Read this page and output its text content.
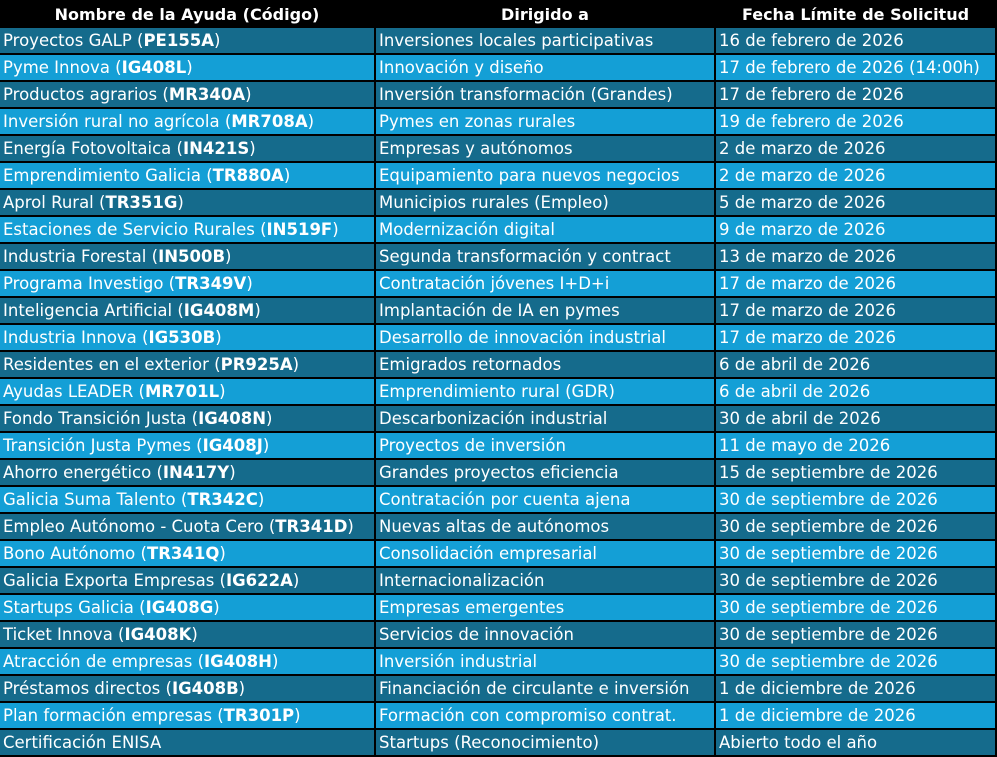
Nombre de la Ayuda (Código)	Dirigido a	Fecha Límite de Solicitud
Proyectos GALP (PE155A)	Inversiones locales participativas	16 de febrero de 2026
Pyme Innova (IG408L)	Innovación y diseño	17 de febrero de 2026 (14:00h)
Productos agrarios (MR340A)	Inversión transformación (Grandes)	17 de febrero de 2026
Inversión rural no agrícola (MR708A)	Pymes en zonas rurales	19 de febrero de 2026
Energía Fotovoltaica (IN421S)	Empresas y autónomos	2 de marzo de 2026
Emprendimiento Galicia (TR880A)	Equipamiento para nuevos negocios	2 de marzo de 2026
Aprol Rural (TR351G)	Municipios rurales (Empleo)	5 de marzo de 2026
Estaciones de Servicio Rurales (IN519F)	Modernización digital	9 de marzo de 2026
Industria Forestal (IN500B)	Segunda transformación y contract	13 de marzo de 2026
Programa Investigo (TR349V)	Contratación jóvenes I+D+i	17 de marzo de 2026
Inteligencia Artificial (IG408M)	Implantación de IA en pymes	17 de marzo de 2026
Industria Innova (IG530B)	Desarrollo de innovación industrial	17 de marzo de 2026
Residentes en el exterior (PR925A)	Emigrados retornados	6 de abril de 2026
Ayudas LEADER (MR701L)	Emprendimiento rural (GDR)	6 de abril de 2026
Fondo Transición Justa (IG408N)	Descarbonización industrial	30 de abril de 2026
Transición Justa Pymes (IG408J)	Proyectos de inversión	11 de mayo de 2026
Ahorro energético (IN417Y)	Grandes proyectos eficiencia	15 de septiembre de 2026
Galicia Suma Talento (TR342C)	Contratación por cuenta ajena	30 de septiembre de 2026
Empleo Autónomo - Cuota Cero (TR341D)	Nuevas altas de autónomos	30 de septiembre de 2026
Bono Autónomo (TR341Q)	Consolidación empresarial	30 de septiembre de 2026
Galicia Exporta Empresas (IG622A)	Internacionalización	30 de septiembre de 2026
Startups Galicia (IG408G)	Empresas emergentes	30 de septiembre de 2026
Ticket Innova (IG408K)	Servicios de innovación	30 de septiembre de 2026
Atracción de empresas (IG408H)	Inversión industrial	30 de septiembre de 2026
Préstamos directos (IG408B)	Financiación de circulante e inversión	1 de diciembre de 2026
Plan formación empresas (TR301P)	Formación con compromiso contrat.	1 de diciembre de 2026
Certificación ENISA	Startups (Reconocimiento)	Abierto todo el año
